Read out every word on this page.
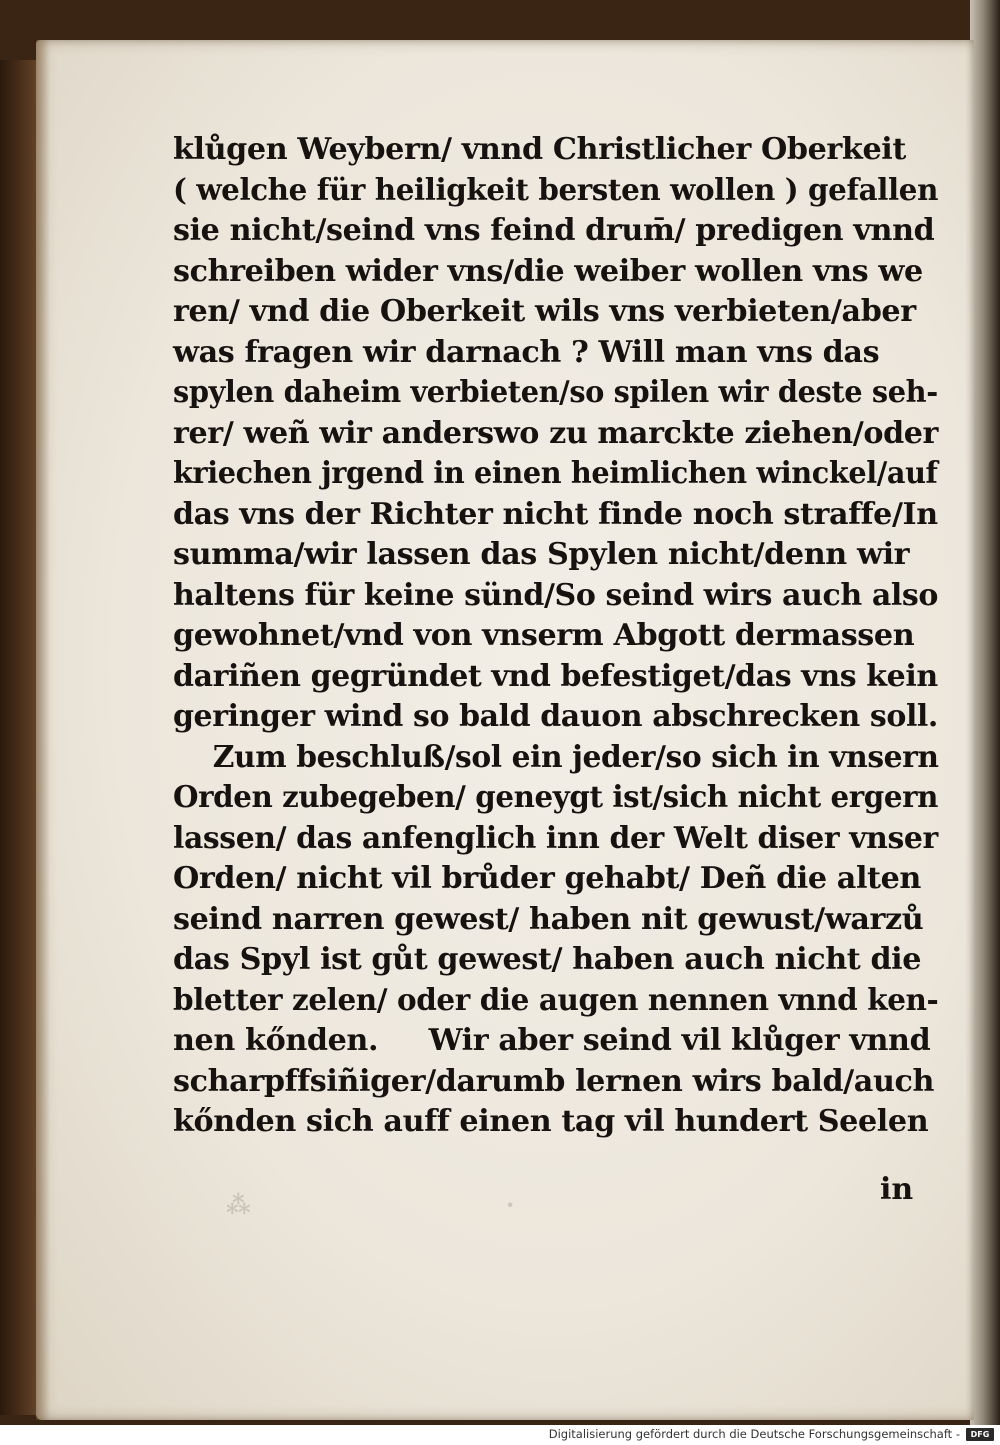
⁂	·
klůgen Weybern/ vnnd Christlicher Oberkeit
( welche für heiligkeit bersten wollen ) gefallen
sie nicht/seind vns feind drum̄/ predigen vnnd
schreiben wider vns/die weiber wollen vns we
ren/ vnd die Oberkeit wils vns verbieten/aber
was fragen wir darnach ? Will man vns das
spylen daheim verbieten/so spilen wir deste seh-
rer/ weñ wir anderswo zu marckte ziehen/oder
kriechen jrgend in einen heimlichen winckel/auf
das vns der Richter nicht finde noch straffe/In
summa/wir lassen das Spylen nicht/denn wir
haltens für keine sünd/So seind wirs auch also
gewohnet/vnd von vnserm Abgott dermassen
dariñen gegründet vnd befestiget/das vns kein
geringer wind so bald dauon abschrecken soll.
Zum beschluß/sol ein jeder/so sich in vnsern
Orden zubegeben/ geneygt ist/sich nicht ergern
lassen/ das anfenglich inn der Welt diser vnser
Orden/ nicht vil brůder gehabt/ Deñ die alten
seind narren gewest/ haben nit gewust/warzů
das Spyl ist gůt gewest/ haben auch nicht die
bletter zelen/ oder die augen nennen vnnd ken-
nen kőnden.     Wir aber seind vil klůger vnnd
scharpffsiñiger/darumb lernen wirs bald/auch
kőnden sich auff einen tag vil hundert Seelen
in
Digitalisierung gefördert durch die Deutsche Forschungsgemeinschaft -	DFG
